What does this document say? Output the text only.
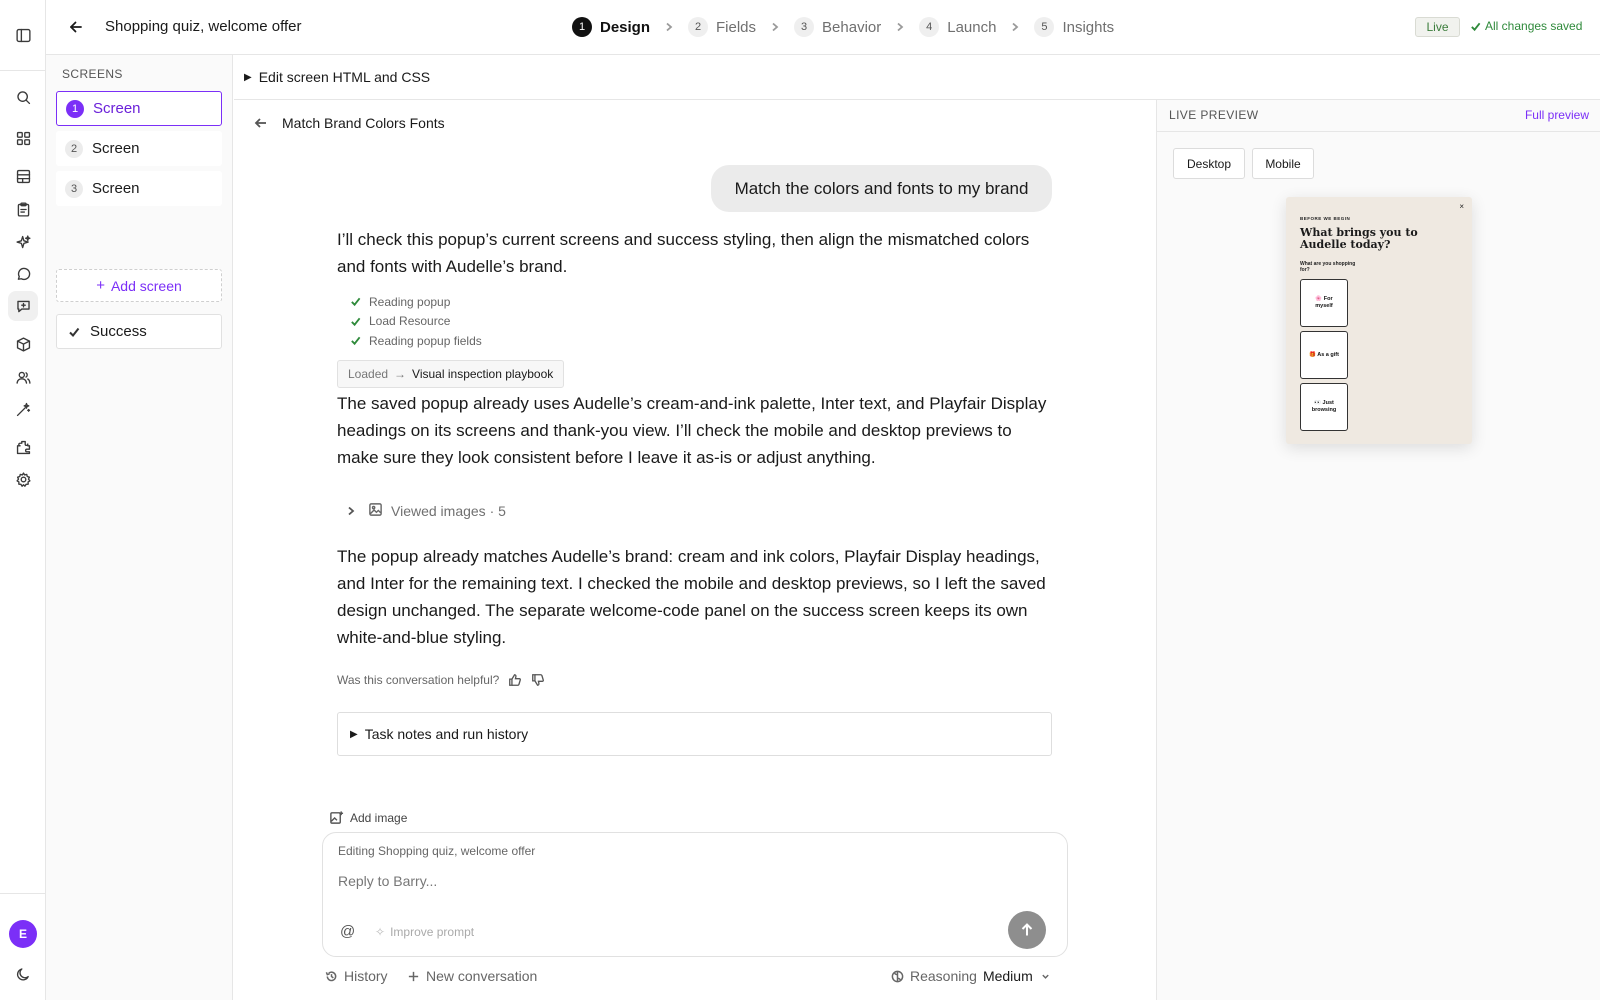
E
Shopping quiz, welcome offer	1 Design	2 Fields	3 Behavior	4 Launch	5 Insights	Live	All changes saved
SCREENS
1 Screen
2 Screen
3 Screen
+ Add screen
Success
▶ Edit screen HTML and CSS
Match Brand Colors Fonts
Match the colors and fonts to my brand
I’ll check this popup’s current screens and success styling, then align the mismatched colors and fonts with Audelle’s brand.
Reading popup
Load Resource
Reading popup fields
Loaded → Visual inspection playbook
The saved popup already uses Audelle’s cream-and-ink palette, Inter text, and Playfair Display headings on its screens and thank-you view. I’ll check the mobile and desktop previews to make sure they look consistent before I leave it as-is or adjust anything.
Viewed images · 5
The popup already matches Audelle’s brand: cream and ink colors, Playfair Display headings, and Inter for the remaining text. I checked the mobile and desktop previews, so I left the saved design unchanged. The separate welcome-code panel on the success screen keeps its own white-and-blue styling.
Was this conversation helpful?
▶ Task notes and run history
Add image
Editing Shopping quiz, welcome offer
Reply to Barry...
@ ✧ Improve prompt
History	New conversation	Reasoning Medium
LIVE PREVIEW	Full preview
Desktop	Mobile
×
BEFORE WE BEGIN
What brings you to Audelle today?
What are you shopping for?
🌸 For myself
🎁 As a gift
👀 Just browsing
